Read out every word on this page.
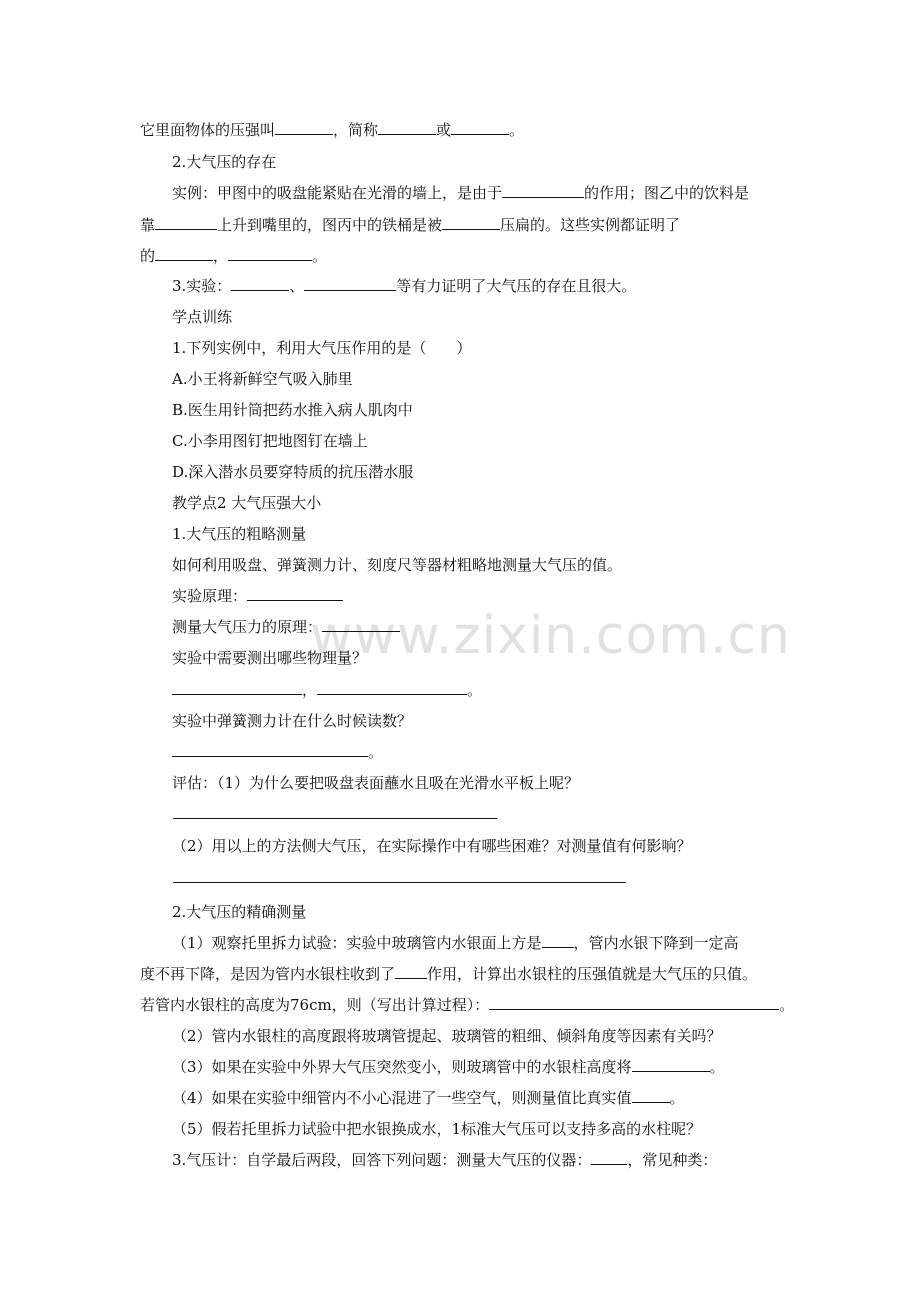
www.zixin.com.cn
它里面物体的压强叫	，简称	或	。
2.大气压的存在
实例：甲图中的吸盘能紧贴在光滑的墙上，是由于	的作用；图乙中的饮料是
靠	上升到嘴里的，图丙中的铁桶是被	压扁的。这些实例都证明了
的	，	。
3.实验：	、	等有力证明了大气压的存在且很大。
学点训练
1.下列实例中，利用大气压作用的是（　　）
A.小王将新鲜空气吸入肺里
B.医生用针筒把药水推入病人肌肉中
C.小李用图钉把地图钉在墙上
D.深入潜水员要穿特质的抗压潜水服
教学点2 大气压强大小
1.大气压的粗略测量
如何利用吸盘、弹簧测力计、刻度尺等器材粗略地测量大气压的值。
实验原理：
测量大气压力的原理：
实验中需要测出哪些物理量？
，	。
实验中弹簧测力计在什么时候读数？
。
评估：（1）为什么要把吸盘表面蘸水且吸在光滑水平板上呢？
（2）用以上的方法侧大气压，在实际操作中有哪些困难？对测量值有何影响？
2.大气压的精确测量
（1）观察托里拆力试验：实验中玻璃管内水银面上方是 ，管内水银下降到一定高
度不再下降，是因为管内水银柱收到了 作用，计算出水银柱的压强值就是大气压的只值。
若管内水银柱的高度为76cm，则（写出计算过程）：	。
（2）管内水银柱的高度跟将玻璃管提起、玻璃管的粗细、倾斜角度等因素有关吗？
（3）如果在实验中外界大气压突然变小，则玻璃管中的水银柱高度将	。
（4）如果在实验中细管内不小心混进了一些空气，则测量值比真实值	。
（5）假若托里拆力试验中把水银换成水，1标准大气压可以支持多高的水柱呢？
3.气压计：自学最后两段，回答下列问题：测量大气压的仪器： ，常见种类：
